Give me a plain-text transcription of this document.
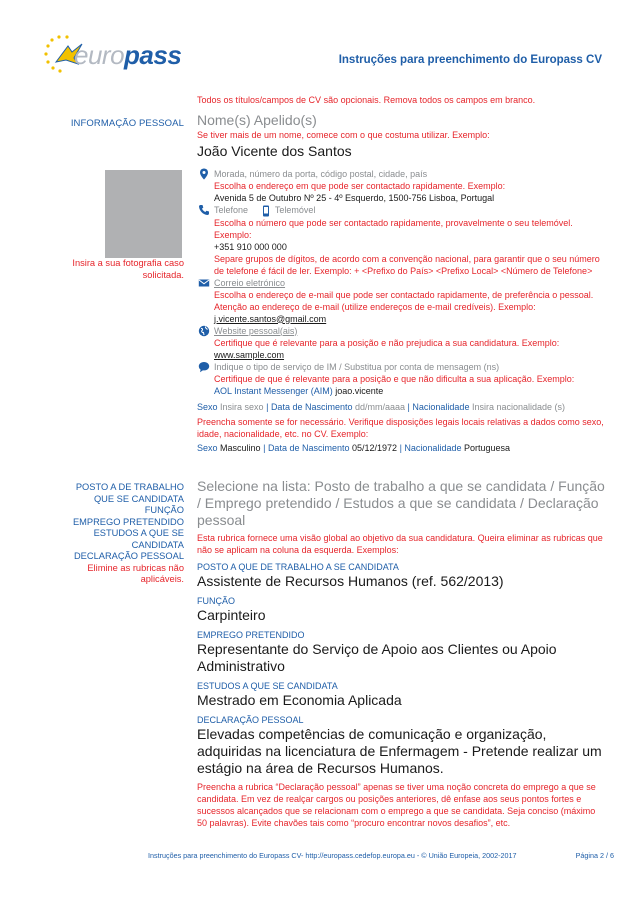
europass	Instruções para preenchimento do Europass CV
Todos os títulos/campos de CV são opcionais. Remova todos os campos em branco.
INFORMAÇÃO PESSOAL
Insira a sua fotografia caso solicitada.
Nome(s) Apelido(s)
Se tiver mais de um nome, comece com o que costuma utilizar. Exemplo:
João Vicente dos Santos
Morada, número da porta, código postal, cidade, país
Escolha o endereço em que pode ser contactado rapidamente. Exemplo:
Avenida 5 de Outubro Nº 25 - 4º Esquerdo, 1500-756 Lisboa, Portugal
Telefone	Telemóvel
Escolha o número que pode ser contactado rapidamente, provavelmente o seu telemóvel. Exemplo:
+351 910 000 000
Separe grupos de dígitos, de acordo com a convenção nacional, para garantir que o seu número de telefone é fácil de ler. Exemplo: + <Prefixo do País> <Prefixo Local> <Número de Telefone>
Correio eletrónico
Escolha o endereço de e-mail que pode ser contactado rapidamente, de preferência o pessoal. Atenção ao endereço de e-mail (utilize endereços de e-mail credíveis). Exemplo:
j.vicente.santos@gmail.com
Website pessoal(ais)
Certifique que é relevante para a posição e não prejudica a sua candidatura. Exemplo:
www.sample.com
Indique o tipo de serviço de IM / Substitua por conta de mensagem (ns)
Certifique de que é relevante para a posição e que não dificulta a sua aplicação. Exemplo:
AOL Instant Messenger (AIM) joao.vicente
Sexo Insira sexo | Data de Nascimento dd/mm/aaaa | Nacionalidade Insira nacionalidade (s)
Preencha somente se for necessário. Verifique disposições legais locais relativas a dados como sexo, idade, nacionalidade, etc. no CV. Exemplo:
Sexo Masculino | Data de Nascimento 05/12/1972 | Nacionalidade Portuguesa
POSTO A DE TRABALHO QUE SE CANDIDATA
FUNÇÃO
EMPREGO PRETENDIDO
ESTUDOS A QUE SE CANDIDATA
DECLARAÇÃO PESSOAL
Elimine as rubricas não aplicáveis.
Selecione na lista: Posto de trabalho a que se candidata / Função / Emprego pretendido / Estudos a que se candidata / Declaração pessoal
Esta rubrica fornece uma visão global ao objetivo da sua candidatura. Queira eliminar as rubricas que não se aplicam na coluna da esquerda. Exemplos:
POSTO A QUE DE TRABALHO A SE CANDIDATA
Assistente de Recursos Humanos (ref. 562/2013)
FUNÇÃO
Carpinteiro
EMPREGO PRETENDIDO
Representante do Serviço de Apoio aos Clientes ou Apoio Administrativo
ESTUDOS A QUE SE CANDIDATA
Mestrado em Economia Aplicada
DECLARAÇÃO PESSOAL
Elevadas competências de comunicação e organização, adquiridas na licenciatura de Enfermagem - Pretende realizar um estágio na área de Recursos Humanos.
Preencha a rubrica “Declaração pessoal” apenas se tiver uma noção concreta do emprego a que se candidata. Em vez de realçar cargos ou posições anteriores, dê enfase aos seus pontos fortes e sucessos alcançados que se relacionam com o emprego a que se candidata. Seja conciso (máximo 50 palavras). Evite chavões tais como “procuro encontrar novos desafios”, etc.
Instruções para preenchimento do Europass CV- http://europass.cedefop.europa.eu - © União Europeia, 2002-2017	Página 2 / 6
